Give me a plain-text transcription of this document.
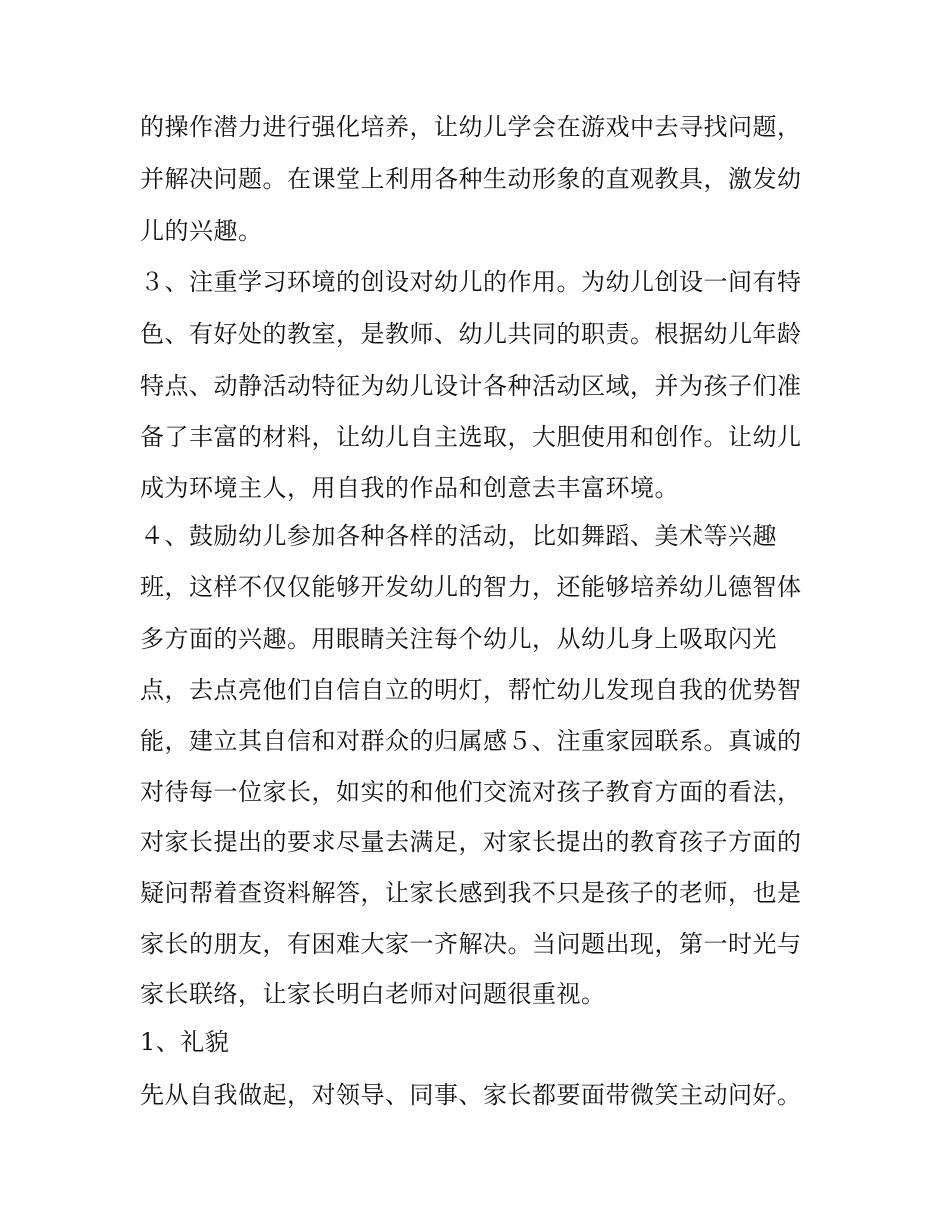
的操作潜力进行强化培养，让幼儿学会在游戏中去寻找问题，
并解决问题。在课堂上利用各种生动形象的直观教具，激发幼
儿的兴趣。
３、注重学习环境的创设对幼儿的作用。为幼儿创设一间有特
色、有好处的教室，是教师、幼儿共同的职责。根据幼儿年龄
特点、动静活动特征为幼儿设计各种活动区域，并为孩子们准
备了丰富的材料，让幼儿自主选取，大胆使用和创作。让幼儿
成为环境主人，用自我的作品和创意去丰富环境。
４、鼓励幼儿参加各种各样的活动，比如舞蹈、美术等兴趣
班，这样不仅仅能够开发幼儿的智力，还能够培养幼儿德智体
多方面的兴趣。用眼睛关注每个幼儿，从幼儿身上吸取闪光
点，去点亮他们自信自立的明灯，帮忙幼儿发现自我的优势智
能，建立其自信和对群众的归属感５、注重家园联系。真诚的
对待每一位家长，如实的和他们交流对孩子教育方面的看法，
对家长提出的要求尽量去满足，对家长提出的教育孩子方面的
疑问帮着查资料解答，让家长感到我不只是孩子的老师，也是
家长的朋友，有困难大家一齐解决。当问题出现，第一时光与
家长联络，让家长明白老师对问题很重视。
1、礼貌
先从自我做起，对领导、同事、家长都要面带微笑主动问好。
